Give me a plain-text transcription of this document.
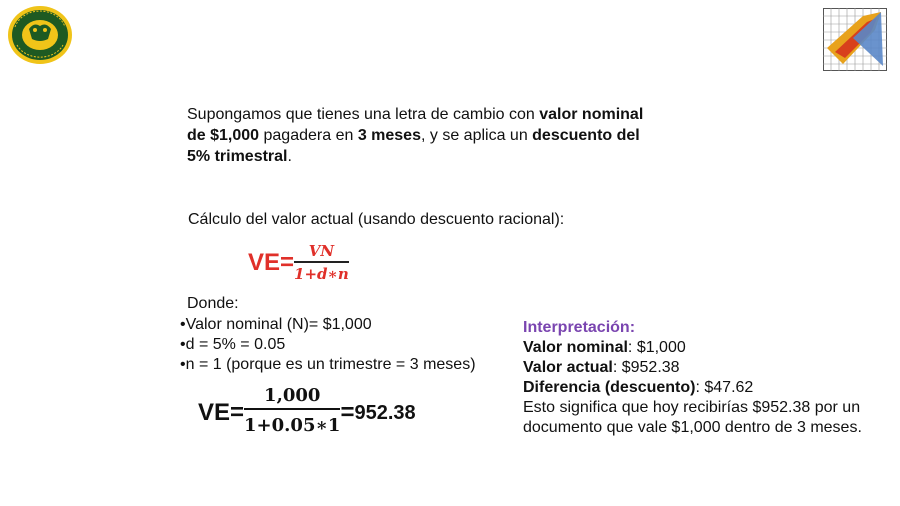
Supongamos que tienes una letra de cambio con valor nominal de $1,000 pagadera en 3 meses, y se aplica un descuento del 5% trimestral.
Cálculo del valor actual (usando descuento racional):
$VE= \frac{VN}{1+d∗n}$
Donde:
•Valor nominal (N)= $1,000
•d = 5% = 0.05
•n = 1 (porque es un trimestre = 3 meses)
$VE= \frac{1,000}{1+0.05∗1} = 952.38$
Interpretación:
Valor nominal: $1,000
Valor actual: $952.38
Diferencia (descuento): $47.62
Esto significa que hoy recibirías $952.38 por un documento que vale $1,000 dentro de 3 meses.
